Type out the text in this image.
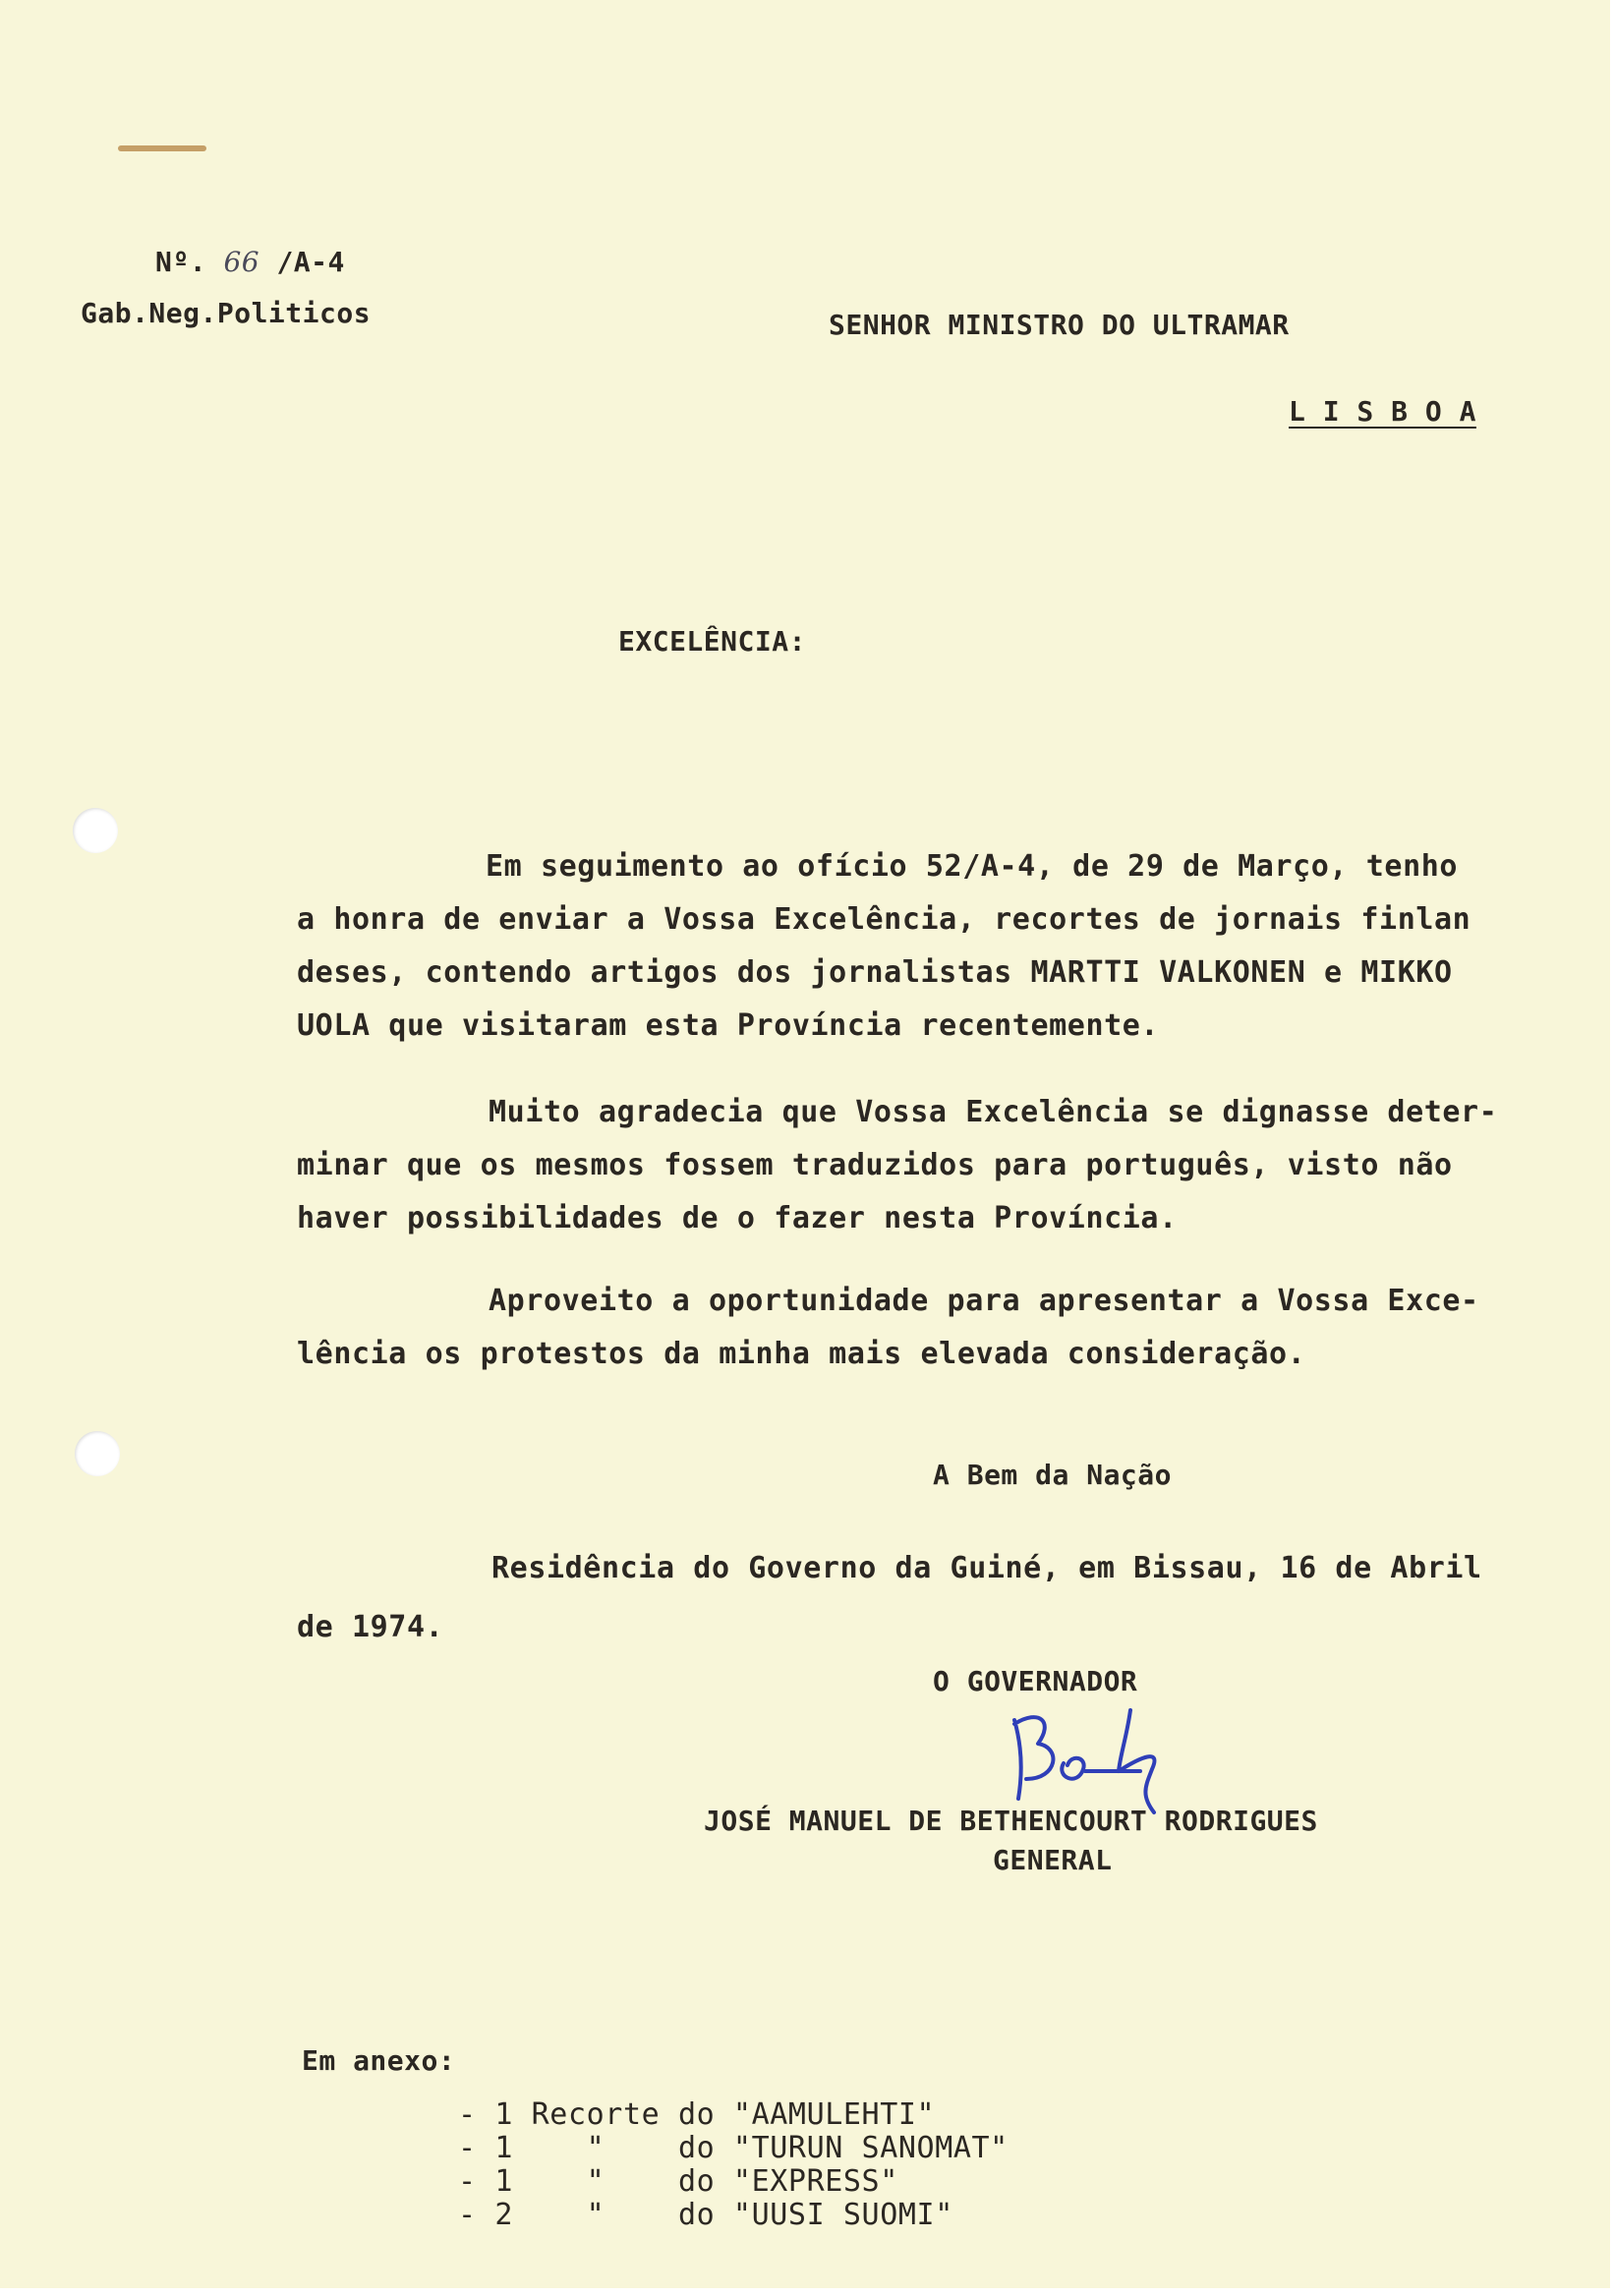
Nº. 66 /A-4
Gab.Neg.Politicos	SENHOR MINISTRO DO ULTRAMAR
L I S B O A
EXCELÊNCIA:
Em seguimento ao ofício 52/A-4, de 29 de Março, tenho
a honra de enviar a Vossa Excelência, recortes de jornais finlan
deses, contendo artigos dos jornalistas MARTTI VALKONEN e MIKKO
UOLA que visitaram esta Província recentemente.
Muito agradecia que Vossa Excelência se dignasse deter-
minar que os mesmos fossem traduzidos para português, visto não
haver possibilidades de o fazer nesta Província.
Aproveito a oportunidade para apresentar a Vossa Exce-
lência os protestos da minha mais elevada consideração.
A Bem da Nação
Residência do Governo da Guiné, em Bissau, 16 de Abril
de 1974.
O GOVERNADOR
JOSÉ MANUEL DE BETHENCOURT RODRIGUES
GENERAL
Em anexo:
- 1 Recorte do "AAMULEHTI"
- 1    "    do "TURUN SANOMAT"
- 1    "    do "EXPRESS"
- 2    "    do "UUSI SUOMI"
